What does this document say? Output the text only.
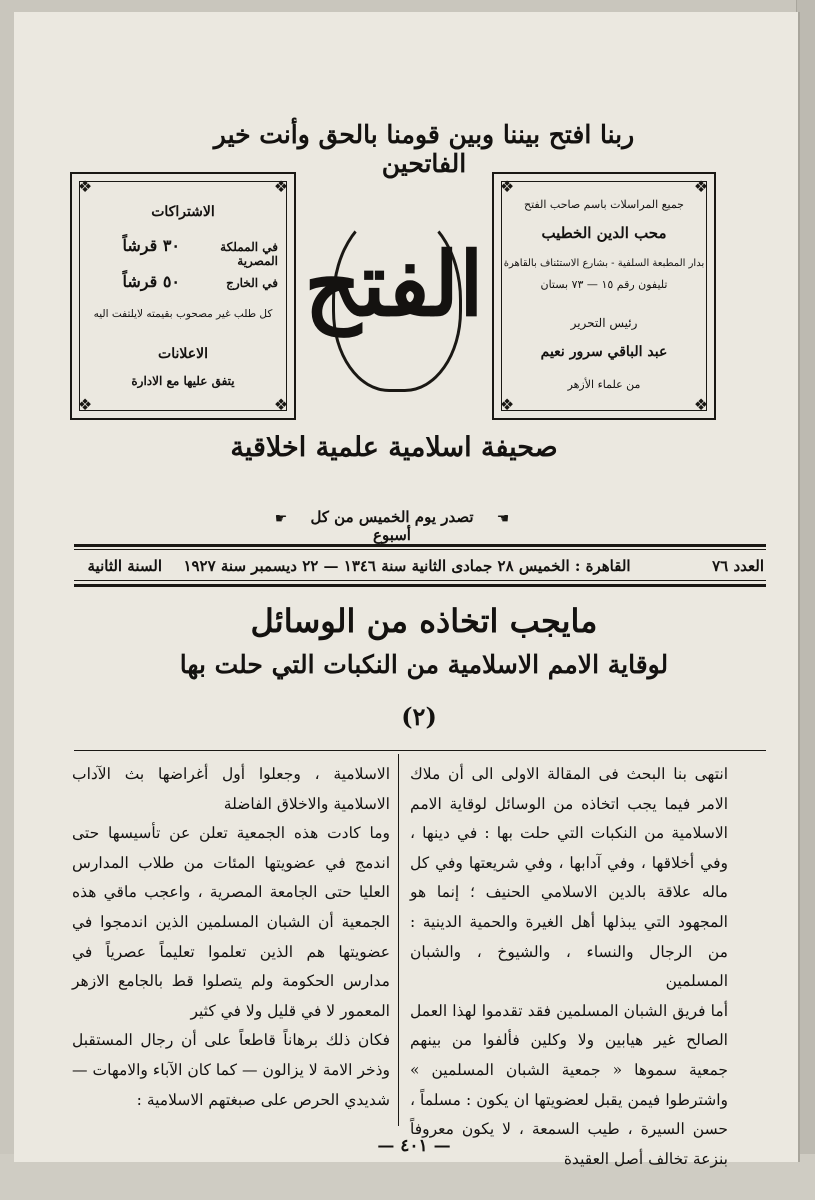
ربنا افتح بيننا وبين قومنا بالحق وأنت خير الفاتحين
❖	❖
❖	❖
الاشتراكات
في المملكة المصرية
٣٠ قرشاً
في الخارج
٥٠ قرشاً
كل طلب غير مصحوب بقيمته لايلتفت اليه
الاعلانات
يتفق عليها مع الادارة
الفتح
❖	❖
❖	❖
جميع المراسلات باسم صاحب الفتح
محب الدين الخطيب
بدار المطبعة السلفية - بشارع الاستئناف بالقاهرة
تليفون رقم ١٥ — ٧٣ بستان
رئيس التحرير
عبد الباقي سرور نعيم
من علماء الأزهر
صحيفة اسلامية علمية اخلاقية
☛	تصدر يوم الخميس من كل أسبوع
☛
السنة الثانية القاهرة : الخميس ٢٨ جمادى الثانية سنة ١٣٤٦ — ٢٢ ديسمبر سنة ١٩٢٧	العدد ٧٦
مايجب اتخاذه من الوسائل
لوقاية الامم الاسلامية من النكبات التي حلت بها
(٢)

انتهى بنا البحث فى المقالة الاولى الى أن ملاك الامر فيما يجب اتخاذه من الوسائل لوقاية الامم الاسلامية من النكبات التي حلت بها : في دينها ، وفي أخلاقها ، وفي آدابها ، وفي شريعتها وفي كل ماله علاقة بالدين الاسلامي الحنيف ؛ إنما هو المجهود التي يبذلها أهل الغيرة والحمية الدينية : من الرجال والنساء ، والشيوخ ، والشبان المسلمين

أما فريق الشبان المسلمين فقد تقدموا لهذا العمل الصالح غير هيابين ولا وكلين فألفوا من بينهم جمعية سموها « جمعية الشبان المسلمين » واشترطوا فيمن يقبل لعضويتها ان يكون : مسلماً ، حسن السيرة ، طيب السمعة ، لا يكون معروفاً بنزعة تخالف أصل العقيدة

الاسلامية ، وجعلوا أول أغراضها بث الآداب الاسلامية والاخلاق الفاضلة

وما كادت هذه الجمعية تعلن عن تأسيسها حتى اندمج في عضويتها المئات من طلاب المدارس العليا حتى الجامعة المصرية ، واعجب ماقي هذه الجمعية أن الشبان المسلمين الذين اندمجوا في عضويتها هم الذين تعلموا تعليماً عصرياً في مدارس الحكومة ولم يتصلوا قط بالجامع الازهر المعمور لا في قليل ولا في كثير

فكان ذلك برهاناً قاطعاً على أن رجال المستقبل وذخر الامة لا يزالون — كما كان الآباء والامهات — شديدي الحرص على صبغتهم الاسلامية :

— ٤٠١ —
